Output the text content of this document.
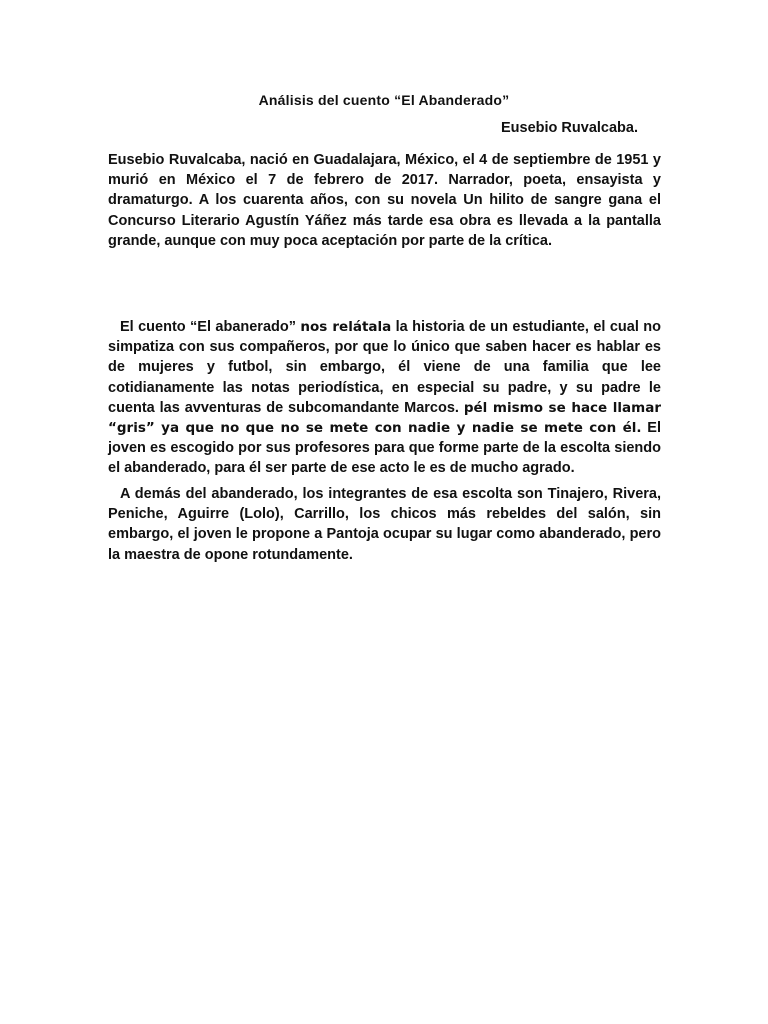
Análisis del cuento “El Abanderado”

Eusebio Ruvalcaba.

Eusebio Ruvalcaba, nació en Guadalajara, México, el 4 de septiembre de 1951 y murió en México el 7 de febrero de 2017. Narrador, poeta, ensayista y dramaturgo. A los cuarenta años, con su novela Un hilito de sangre gana el Concurso Literario Agustín Yáñez más tarde esa obra es llevada a la pantalla grande, aunque con muy poca aceptación por parte de la crítica.

El cuento “El abanerado” nos relátala la historia de un estudiante, el cual no simpatiza con sus compañeros, por que lo único que saben hacer es hablar es de mujeres y futbol, sin embargo, él viene de una familia que lee cotidianamente las notas periodística, en especial su padre, y su padre le cuenta las avventuras de subcomandante Marcos. pél mismo se hace llamar “gris” ya que no que no se mete con nadie y nadie se mete con él. El joven es escogido por sus profesores para que forme parte de la escolta siendo el abanderado, para él ser parte de ese acto le es de mucho agrado.

A demás del abanderado, los integrantes de esa escolta son Tinajero, Rivera, Peniche, Aguirre (Lolo), Carrillo, los chicos más rebeldes del salón, sin embargo, el joven le propone a Pantoja ocupar su lugar como abanderado, pero la maestra de opone rotundamente.
